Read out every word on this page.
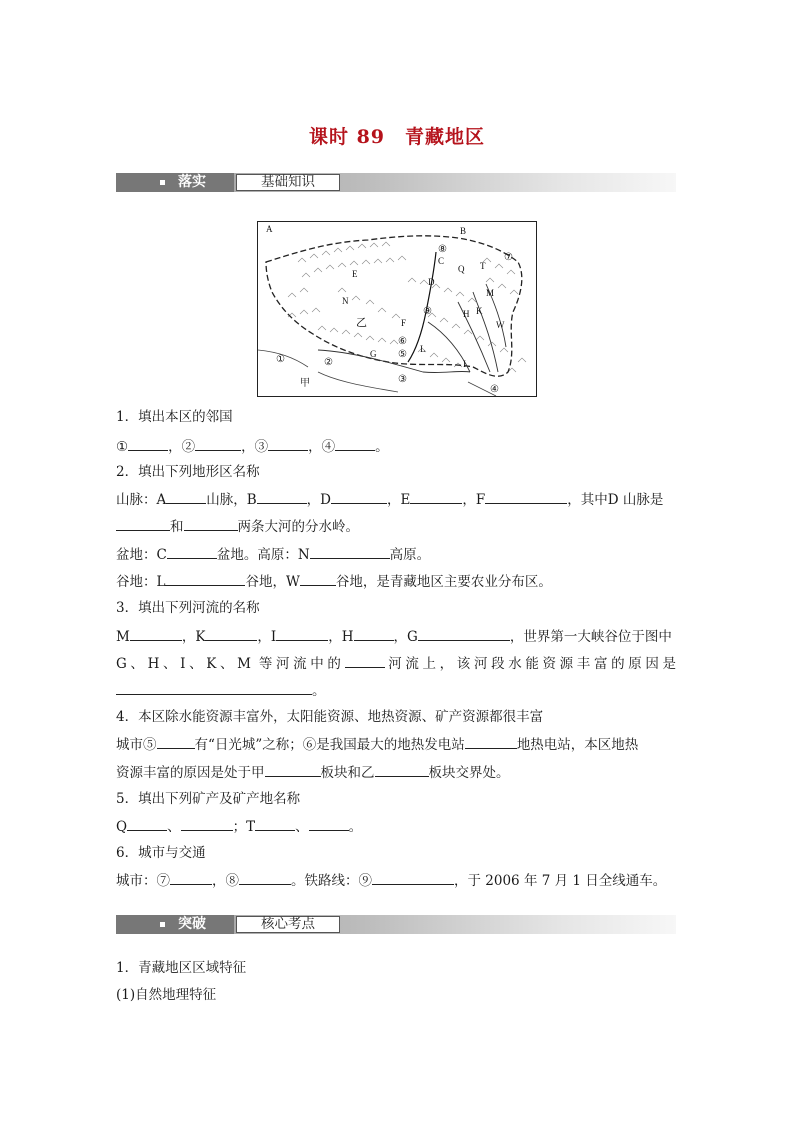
课时 89　青藏地区
落实	基础知识
A	B
C
D
E
F
G
H
I
K
L
M
N
W
Q T
乙
甲
①	②
③
④
⑤
⑥
⑦
⑧
⑨
1．填出本区的邻国
①	，②	，③	，④	。
2．填出下列地形区名称
山脉：A	山脉，B	，D	，E	，F	，其中D 山脉是
和	两条大河的分水岭。
盆地：C	盆地。高原：N	高原。
谷地：L	谷地，W	谷地，是青藏地区主要农业分布区。
3．填出下列河流的名称
M	，K	，I	，H	，G	，世界第一大峡谷位于图中
G、H、I、K、M 等河流中的	河流上，该河段水能资源丰富的原因是
。
4．本区除水能资源丰富外，太阳能资源、地热资源、矿产资源都很丰富
城市⑤	有“日光城”之称；⑥是我国最大的地热发电站	地热电站，本区地热
资源丰富的原因是处于甲	板块和乙	板块交界处。
5．填出下列矿产及矿产地名称
Q	、	；T	、	。
6．城市与交通
城市：⑦	，⑧	。铁路线：⑨	，于 2006 年 7 月 1 日全线通车。
突破	核心考点
1．青藏地区区域特征
(1)自然地理特征
